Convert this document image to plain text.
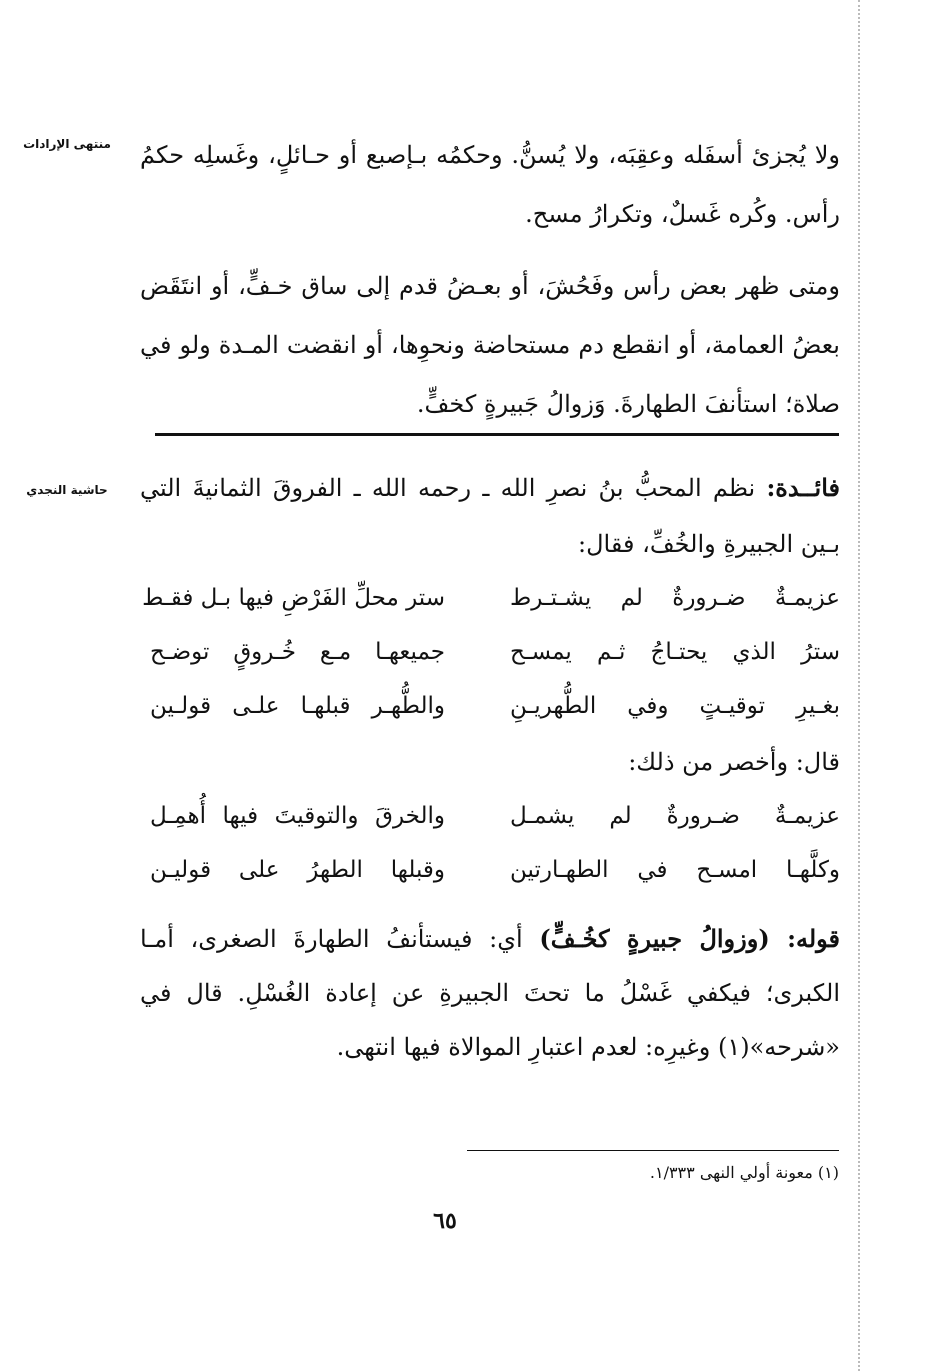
منتهى الإرادات
حاشية النجدي

ولا يُجزئ أسفَله وعقِبَه، ولا يُسنُّ. وحكمُه بـإصبع أو حـائلٍ، وغَسلِه حكمُ رأس. وكُره غَسلٌ، وتكرارُ مسح.

ومتى ظهر بعض رأس وفَحُشَ، أو بعـضُ قدم إلى ساق خـفٍّ، أو انتَقَض بعضُ العمامة، أو انقطع دم مستحاضة ونحوِها، أو انقضت المـدة ولو في صلاة؛ استأنفَ الطهارةَ. وَزوالُ جَبيرةٍ كخفٍّ.

فائــدة: نظم المحبُّ بنُ نصرِ الله ـ رحمه الله ـ الفروقَ الثمانيةَ التي بـين الجبيرةِ والخُفِّ، فقال:

عزيمـةٌ ضـرورةٌ لم يشـتـرط
ستر محلِّ الفَرْضِ فيها بـل فقـط
سترُ الذي يحتـاجُ ثـم يمسـح
جميعهـا مـع خُـروقٍ توضـح
بغـيرِ توقيـتٍ وفي الطُّهريـنِ
والطُّهـر قبلهـا علـى قولـين
قال: وأخصر من ذلك:
عزيمـةٌ ضـرورةٌ لم يشمـل
والخرقَ والتوقيتَ فيها أُهمِـل
وكلَّهـا امسـح في الطهـارتين
وقبلها الطهرُ على قوليـن

قوله: (وزوالُ جبيرةٍ كخُـفٍّ) أي: فيستأنفُ الطهارةَ الصغرى، أمـا الكبرى؛ فيكفي غَسْلُ ما تحتَ الجبيرةِ عن إعادة الغُسْلِ. قال في «شرحه»(١) وغيرِه: لعدم اعتبارِ الموالاة فيها انتهى.

(١) معونة أولي النهى ١/٣٣٣.
٦٥
